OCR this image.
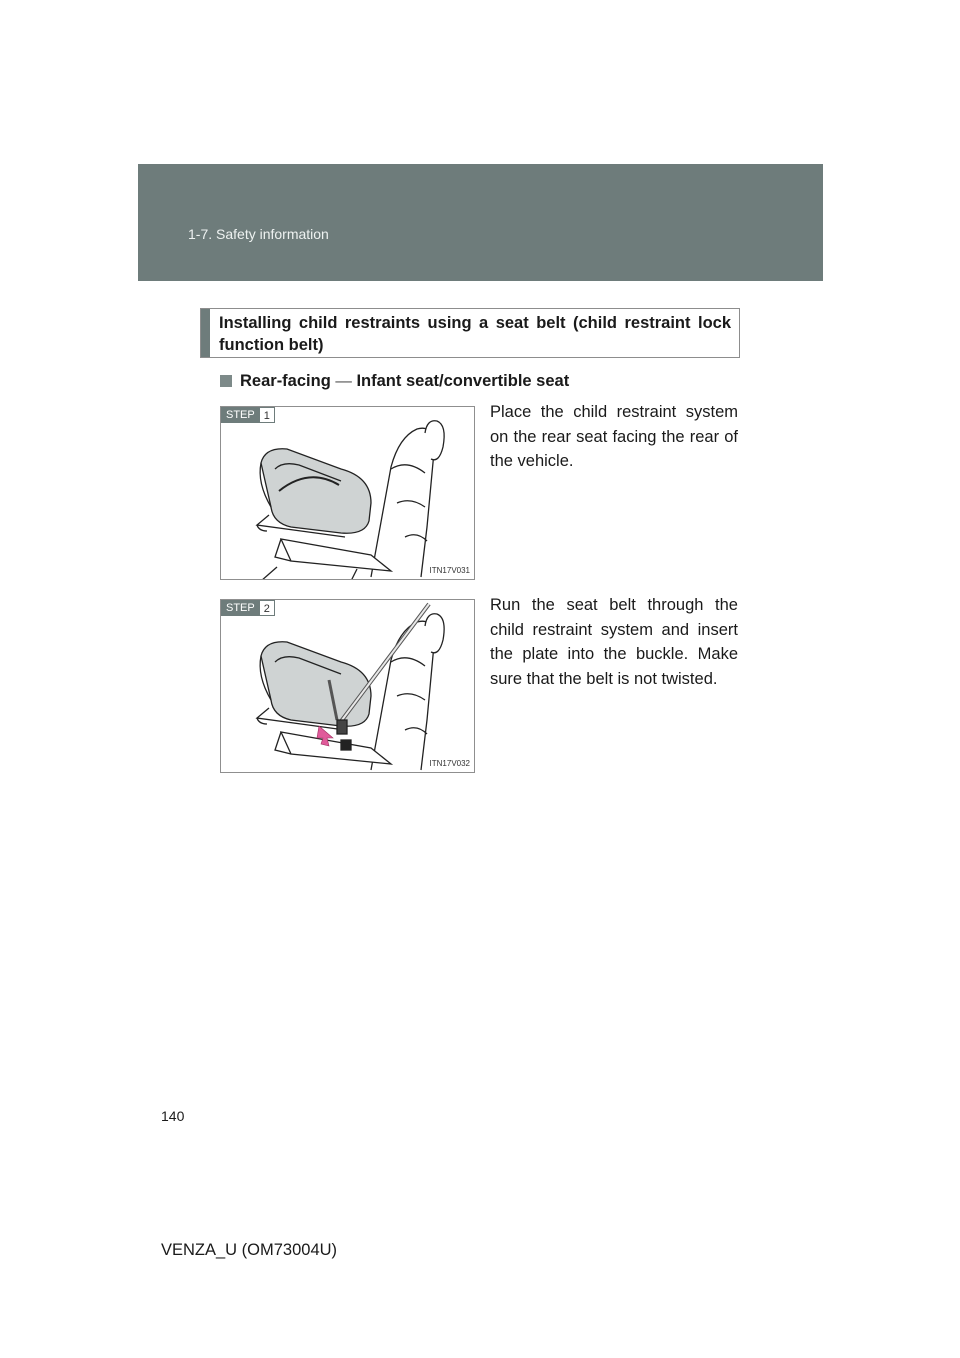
1-7. Safety information
Installing child restraints using a seat belt (child restraint lock function belt)
Rear-facing — Infant seat/convertible seat
STEP 1
ITN17V031
Place the child restraint system on the rear seat facing the rear of the vehicle.
STEP 2
ITN17V032
Run the seat belt through the child restraint system and insert the plate into the buckle. Make sure that the belt is not twisted.
140
VENZA_U (OM73004U)
